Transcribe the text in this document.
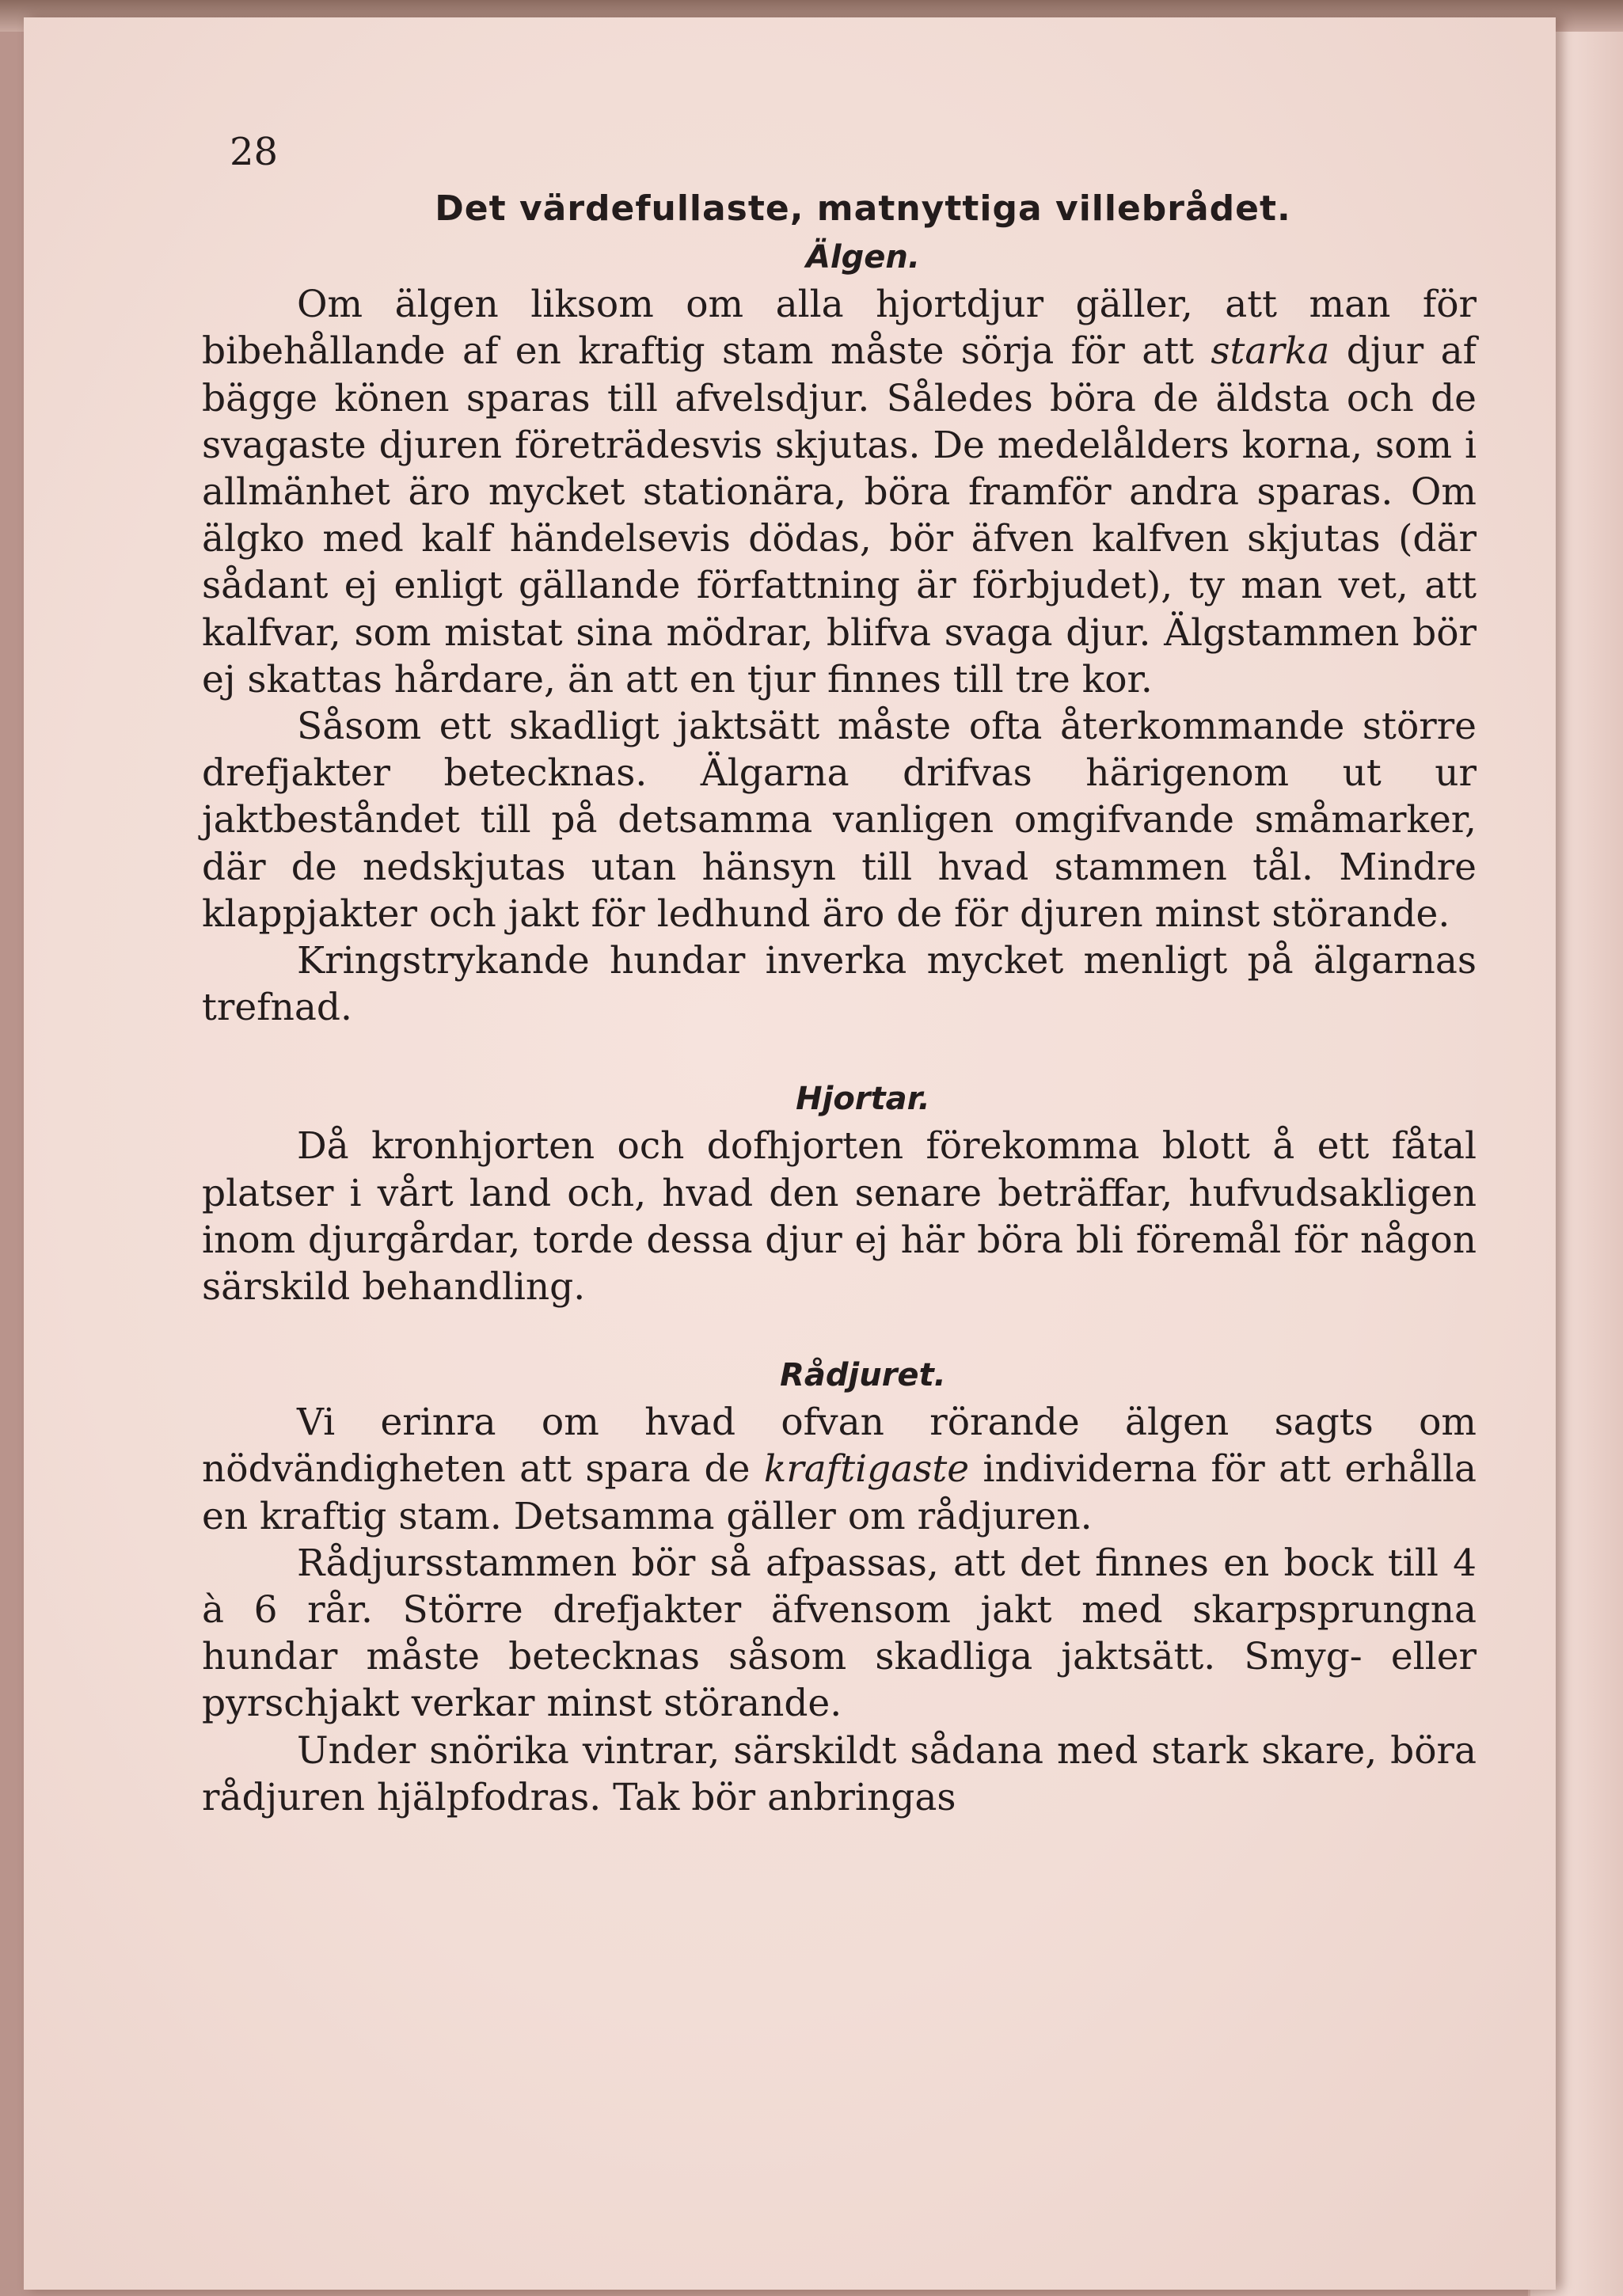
28
Det värdefullaste, matnyttiga villebrådet.
Älgen.

Om älgen liksom om alla hjortdjur gäller, att man för bibehållande af en kraftig stam måste sörja för att starka djur af bägge könen sparas till afvelsdjur. Således böra de äldsta och de svagaste djuren företrädesvis skjutas. De medelålders korna, som i allmänhet äro mycket stationära, böra framför andra sparas. Om älgko med kalf händelsevis dödas, bör äfven kalfven skjutas (där sådant ej enligt gällande författning är förbjudet), ty man vet, att kalfvar, som mistat sina mödrar, blifva svaga djur. Älgstammen bör ej skattas hårdare, än att en tjur finnes till tre kor.

Såsom ett skadligt jaktsätt måste ofta återkommande större drefjakter betecknas. Älgarna drifvas härigenom ut ur jaktbeståndet till på detsamma vanligen omgifvande småmarker, där de nedskjutas utan hänsyn till hvad stammen tål. Mindre klappjakter och jakt för ledhund äro de för djuren minst störande.

Kringstrykande hundar inverka mycket menligt på älgarnas trefnad.

Hjortar.

Då kronhjorten och dofhjorten förekomma blott å ett fåtal platser i vårt land och, hvad den senare beträffar, hufvudsakligen inom djurgårdar, torde dessa djur ej här böra bli föremål för någon särskild behandling.

Rådjuret.

Vi erinra om hvad ofvan rörande älgen sagts om nödvändigheten att spara de kraftigaste individerna för att erhålla en kraftig stam. Detsamma gäller om rådjuren.

Rådjursstammen bör så afpassas, att det finnes en bock till 4 à 6 rår. Större drefjakter äfvensom jakt med skarpsprungna hundar måste betecknas såsom skadliga jaktsätt. Smyg- eller pyrschjakt verkar minst störande.

Under snörika vintrar, särskildt sådana med stark skare, böra rådjuren hjälpfodras. Tak bör anbringas
